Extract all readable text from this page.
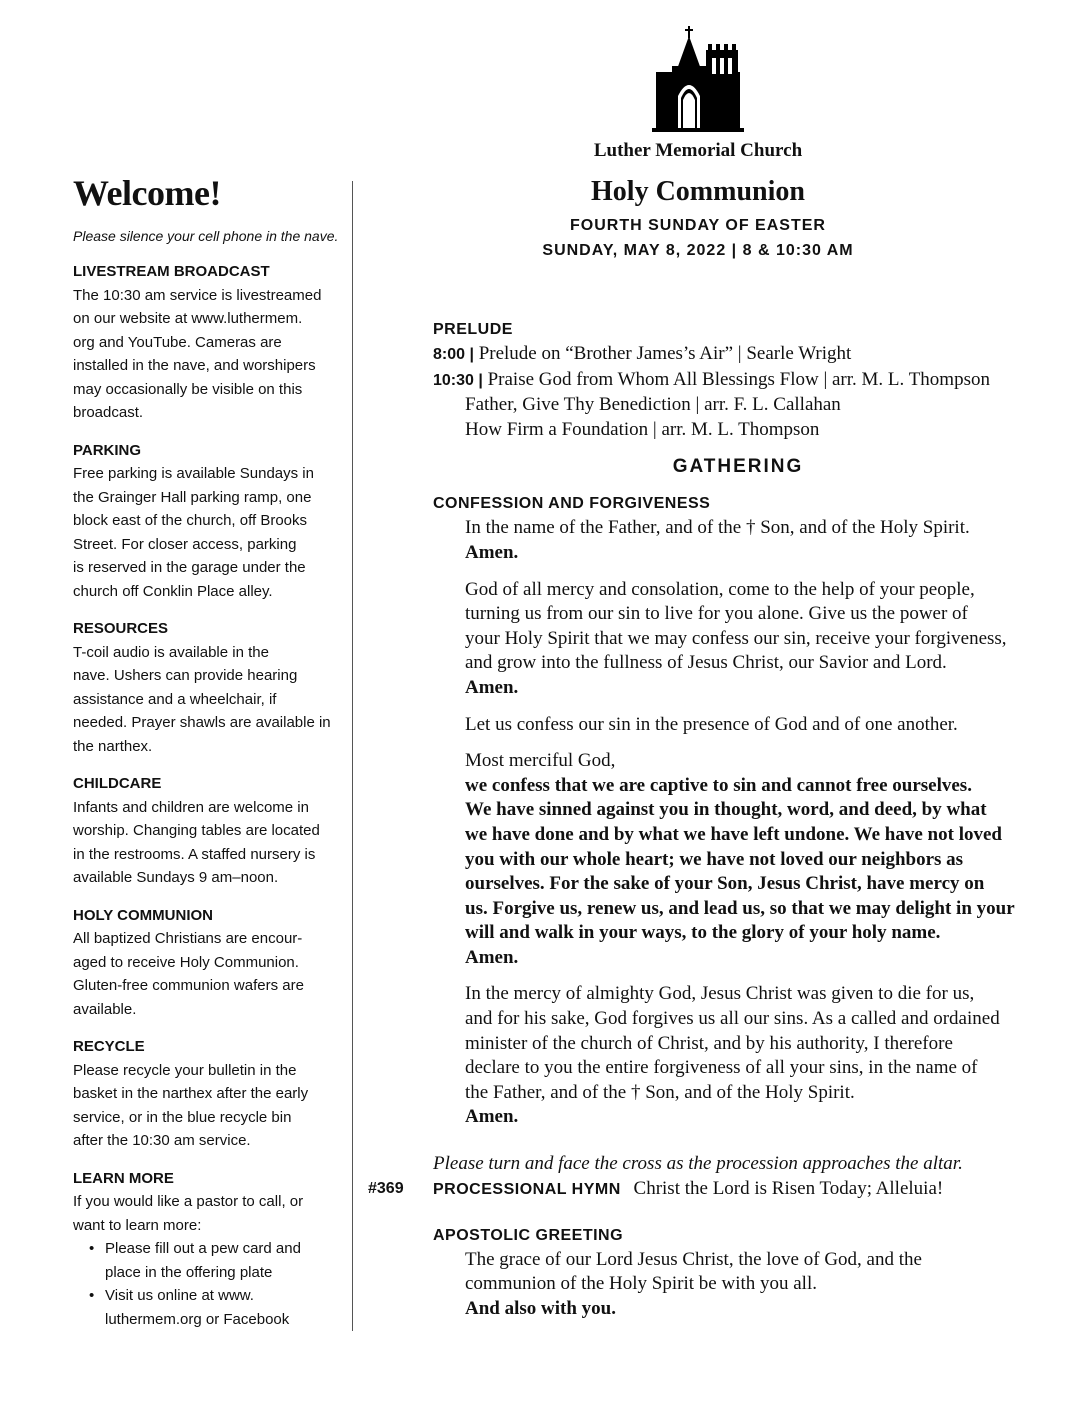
Luther Memorial Church
Holy Communion
FOURTH SUNDAY OF EASTER
SUNDAY, MAY 8, 2022 | 8 & 10:30 AM
Welcome!

Please silence your cell phone in the nave.

LIVESTREAM BROADCAST

The 10:30 am service is livestreamed
on our website at www.luthermem.
org and YouTube. Cameras are
installed in the nave, and worshipers
may occasionally be visible on this
broadcast.

PARKING

Free parking is available Sundays in
the Grainger Hall parking ramp, one
block east of the church, off Brooks
Street. For closer access, parking
is reserved in the garage under the
church off Conklin Place alley.

RESOURCES

T-coil audio is available in the
nave. Ushers can provide hearing
assistance and a wheelchair, if
needed. Prayer shawls are available in
the narthex.

CHILDCARE

Infants and children are welcome in
worship. Changing tables are located
in the restrooms. A staffed nursery is
available Sundays 9 am–noon.

HOLY COMMUNION

All baptized Christians are encour-
aged to receive Holy Communion.
Gluten-free communion wafers are
available.

RECYCLE

Please recycle your bulletin in the
basket in the narthex after the early
service, or in the blue recycle bin
after the 10:30 am service.

LEARN MORE

If you would like a pastor to call, or
want to learn more:
• Please fill out a pew card and
place in the offering plate
• Visit us online at www.
luthermem.org or Facebook

PRELUDE

8:00 | Prelude on “Brother James’s Air” | Searle Wright
10:30 | Praise God from Whom All Blessings Flow | arr. M. L. Thompson
Father, Give Thy Benediction | arr. F. L. Callahan
How Firm a Foundation | arr. M. L. Thompson
GATHERING

CONFESSION AND FORGIVENESS

In the name of the Father, and of the † Son, and of the Holy Spirit.
Amen.
God of all mercy and consolation, come to the help of your people,
turning us from our sin to live for you alone. Give us the power of
your Holy Spirit that we may confess our sin, receive your forgiveness,
and grow into the fullness of Jesus Christ, our Savior and Lord.
Amen.
Let us confess our sin in the presence of God and of one another.
Most merciful God,
we confess that we are captive to sin and cannot free ourselves.
We have sinned against you in thought, word, and deed, by what
we have done and by what we have left undone. We have not loved
you with our whole heart; we have not loved our neighbors as
ourselves. For the sake of your Son, Jesus Christ, have mercy on
us. Forgive us, renew us, and lead us, so that we may delight in your
will and walk in your ways, to the glory of your holy name.
Amen.
In the mercy of almighty God, Jesus Christ was given to die for us,
and for his sake, God forgives us all our sins. As a called and ordained
minister of the church of Christ, and by his authority, I therefore
declare to you the entire forgiveness of all your sins, in the name of
the Father, and of the † Son, and of the Holy Spirit.
Amen.
Please turn and face the cross as the procession approaches the altar.
#369 PROCESSIONAL HYMN Christ the Lord is Risen Today; Alleluia!

APOSTOLIC GREETING

The grace of our Lord Jesus Christ, the love of God, and the
communion of the Holy Spirit be with you all.
And also with you.
